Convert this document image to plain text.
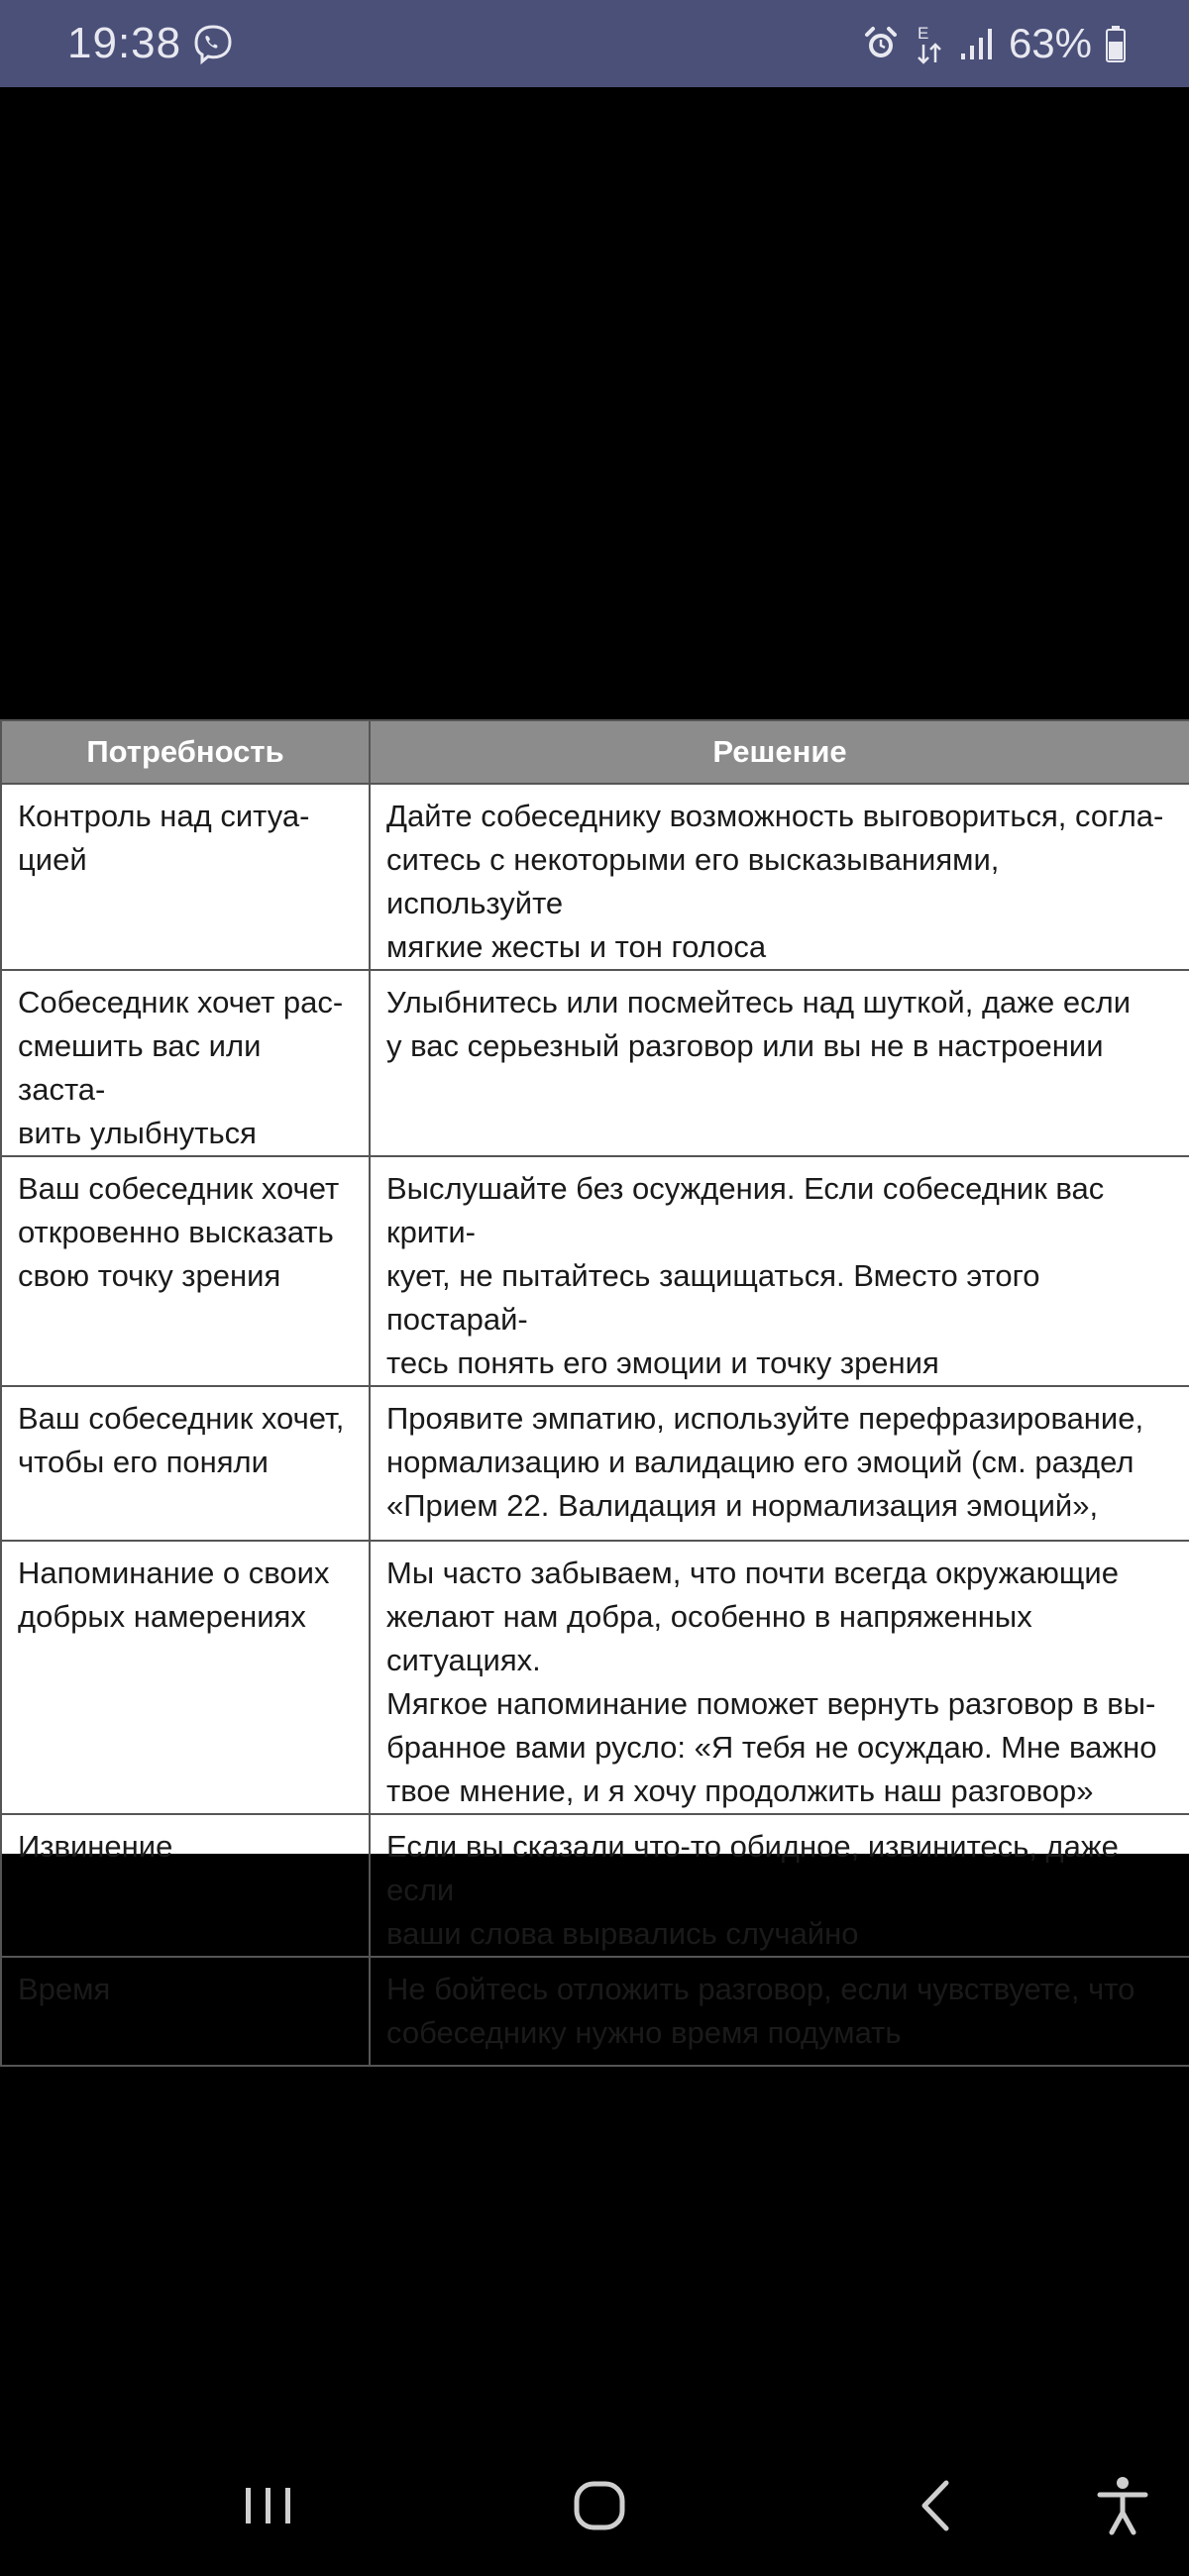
19:38	E 63%
Потребность	Решение

Контроль над ситуа-
цией	Дайте собеседнику возможность выговориться, согла-
ситесь с некоторыми его высказываниями, используйте
мягкие жесты и тон голоса

Собеседник хочет рас-
смешить вас или заста-
вить улыбнуться	Улыбнитесь или посмейтесь над шуткой, даже если
у вас серьезный разговор или вы не в настроении

Ваш собеседник хочет
откровенно высказать
свою точку зрения	Выслушайте без осуждения. Если собеседник вас крити-
кует, не пытайтесь защищаться. Вместо этого постарай-
тесь понять его эмоции и точку зрения

Ваш собеседник хочет,
чтобы его поняли	Проявите эмпатию, используйте перефразирование,
нормализацию и валидацию его эмоций (см. раздел
«Прием 22. Валидация и нормализация эмоций»,

Напоминание о своих
добрых намерениях	Мы часто забываем, что почти всегда окружающие
желают нам добра, особенно в напряженных ситуациях.
Мягкое напоминание поможет вернуть разговор в вы-
бранное вами русло: «Я тебя не осуждаю. Мне важно
твое мнение, и я хочу продолжить наш разговор»

Извинение	Если вы сказали что-то обидное, извинитесь, даже если
ваши слова вырвались случайно

Время	Не бойтесь отложить разговор, если чувствуете, что
собеседнику нужно время подумать
